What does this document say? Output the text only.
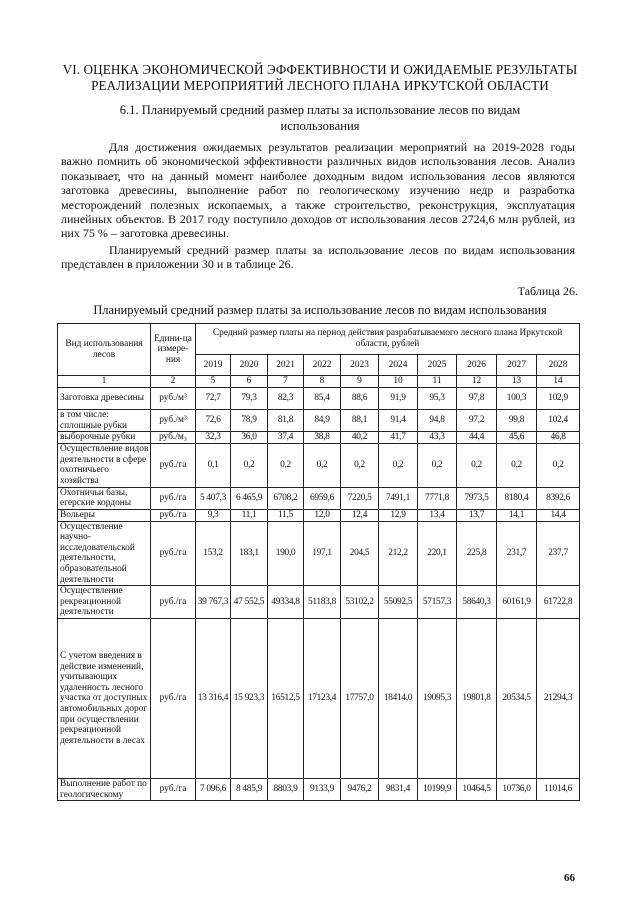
VI. ОЦЕНКА ЭКОНОМИЧЕСКОЙ ЭФФЕКТИВНОСТИ И ОЖИДАЕМЫЕ РЕЗУЛЬТАТЫ
РЕАЛИЗАЦИИ МЕРОПРИЯТИЙ ЛЕСНОГО ПЛАНА ИРКУТСКОЙ ОБЛАСТИ
6.1. Планируемый средний размер платы за использование лесов по видам
использования
Для достижения ожидаемых результатов реализации мероприятий на 2019-2028 годы важно помнить об экономической эффективности различных видов использования лесов. Анализ показывает, что на данный момент наиболее доходным видом использования лесов являются заготовка древесины, выполнение работ по геологическому изучению недр и разработка месторождений полезных ископаемых, а также строительство, реконструкция, эксплуатация линейных объектов. В 2017 году поступило доходов от использования лесов 2724,6 млн рублей, из них 75 % – заготовка древесины.
Планируемый средний размер платы за использование лесов по видам использования представлен в приложении 30 и в таблице 26.
Таблица 26.
Планируемый средний размер платы за использование лесов по видам использования
Вид использования лесов	Едини-ца измере-ния	Средний размер платы на период действия разрабатываемого лесного плана Иркутской области, рублей									
		2019	2020	2021	2022	2023	2024	2025	2026	2027	2028
1	2	5	6	7	8	9	10	11	12	13	14
Заготовка древесины	руб./м³	72,7	79,3	82,3	85,4	88,6	91,9	95,3	97,8	100,3	102,9
в том числе: сплошные рубки	руб./м³	72,6	78,9	81,8	84,9	88,1	91,4	94,8	97,2	99,8	102,4
выборочные рубки	руб./м₃	32,3	36,0	37,4	38,8	40,2	41,7	43,3	44,4	45,6	46,8
Осуществление видов деятельности в сфере охотничьего хозяйства	руб./га	0,1	0,2	0,2	0,2	0,2	0,2	0,2	0,2	0,2	0,2
Охотничьи базы, егерские кордоны	руб./га	5 407,3	6 465,9	6708,2	6959,6	7220,5	7491,1	7771,8	7973,5	8180,4	8392,6
Вольеры	руб./га	9,3	11,1	11,5	12,0	12,4	12,9	13,4	13,7	14,1	14,4
Осуществление научно-исследовательской деятельности, образовательной деятельности	руб./га	153,2	183,1	190,0	197,1	204,5	212,2	220,1	225,8	231,7	237,7
Осуществление рекреационной деятельности	руб./га	39 767,3	47 552,5	49334,8	51183,8	53102,2	55092,5	57157,3	58640,3	60161,9	61722,8
С учетом введения в действие изменений, учитывающих удаленность лесного участка от доступных автомобильных дорог при осуществлении рекреационной деятельности в лесах	руб./га	13 316,4	15 923,3	16512,5	17123,4	17757,0	18414,0	19095,3	19801,8	20534,5	21294,3
Выполнение работ по геологическому	руб./га	7 096,6	8 485,9	8803,9	9133,9	9476,2	9831,4	10199,9	10464,5	10736,0	11014,6
66
